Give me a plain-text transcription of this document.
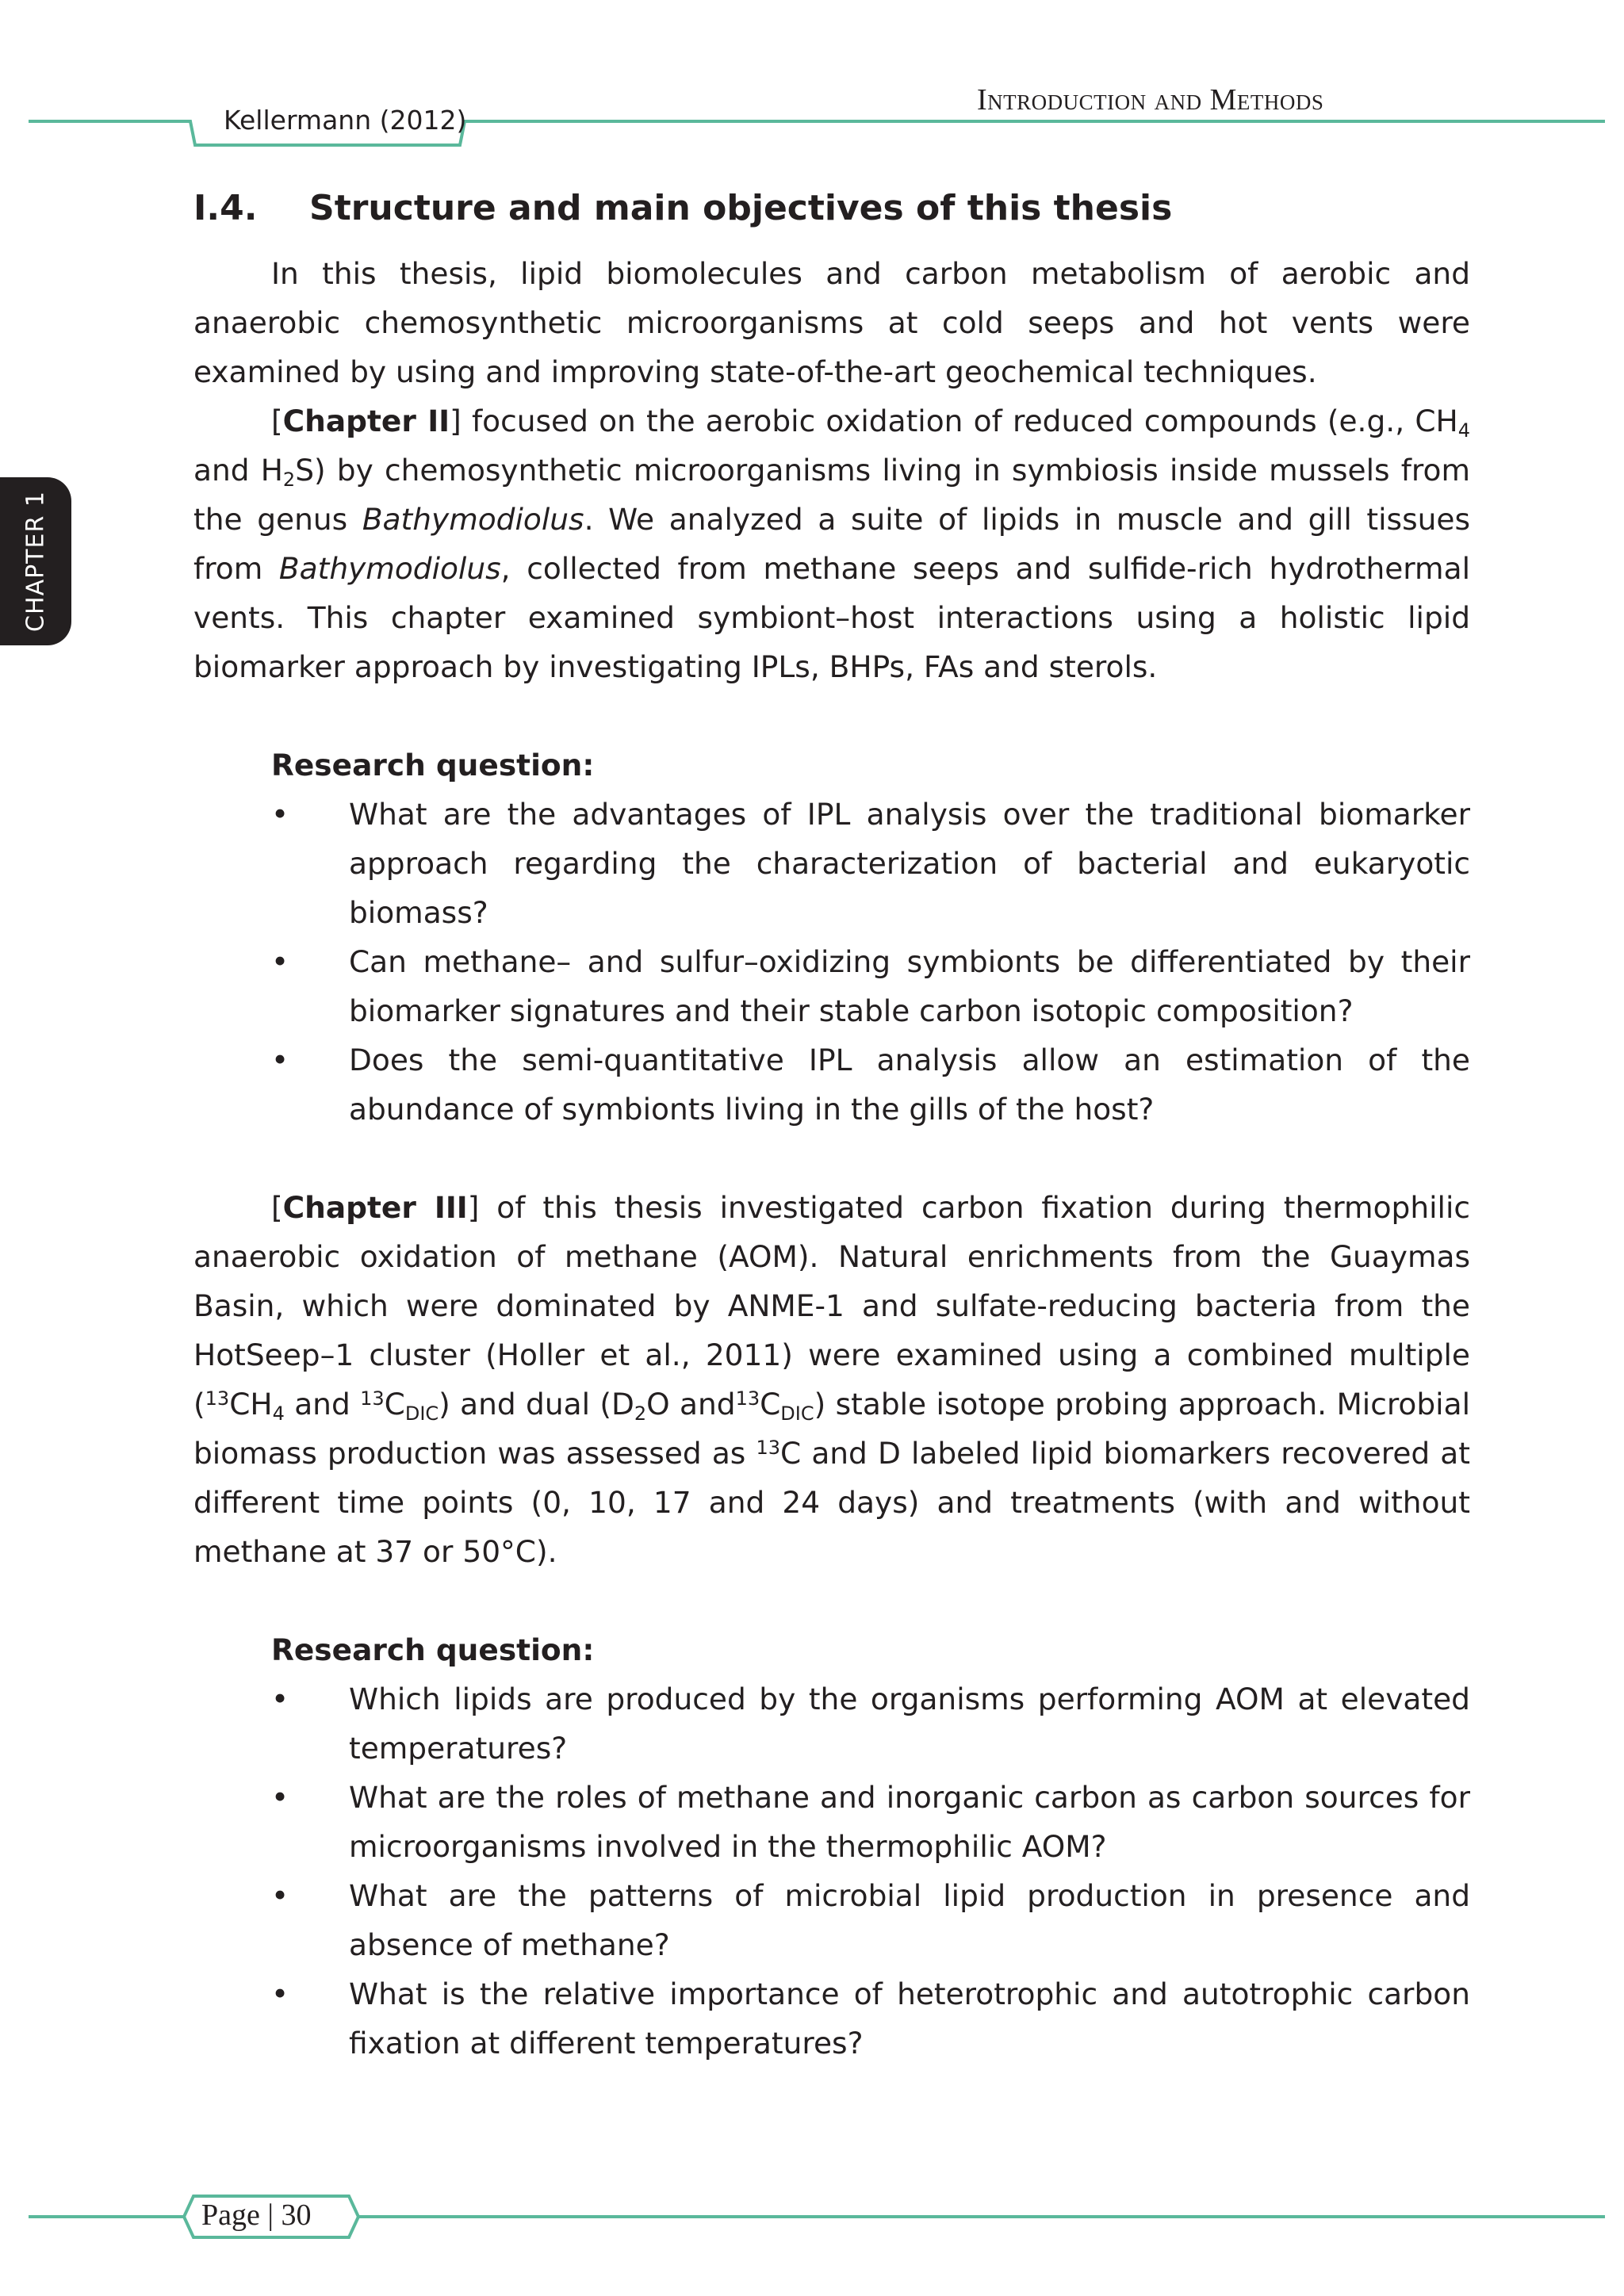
Introduction and Methods
Kellermann (2012)
CHAPTER 1
I.4. Structure and main objectives of this thesis

In this thesis, lipid biomolecules and carbon metabolism of aerobic and anaerobic chemosynthetic microorganisms at cold seeps and hot vents were examined by using and improving state-of-the-art geochemical techniques.

[Chapter II] focused on the aerobic oxidation of reduced compounds (e.g., $CH_4$ and $H_2S$) by chemosynthetic microorganisms living in symbiosis inside mussels from the genus Bathymodiolus. We analyzed a suite of lipids in muscle and gill tissues from Bathymodiolus, collected from methane seeps and sulfide-rich hydrothermal vents. This chapter examined symbiont–host interactions using a holistic lipid biomarker approach by investigating IPLs, BHPs, FAs and sterols.

Research question:
• What are the advantages of IPL analysis over the traditional biomarker approach regarding the characterization of bacterial and eukaryotic biomass?
• Can methane– and sulfur–oxidizing symbionts be differentiated by their biomarker signatures and their stable carbon isotopic composition?
• Does the semi-quantitative IPL analysis allow an estimation of the abundance of symbionts living in the gills of the host?

[Chapter III] of this thesis investigated carbon fixation during thermophilic anaerobic oxidation of methane (AOM). Natural enrichments from the Guaymas Basin, which were dominated by ANME-1 and sulfate-reducing bacteria from the HotSeep–1 cluster (Holler et al., 2011) were examined using a combined multiple ($^{13}CH_4$ and $^{13}C_{DIC}$) and dual ($D_2O$ $and^{13}C_{DIC}$) stable isotope probing approach. Microbial biomass production was assessed as $^{13}$C and D labeled lipid biomarkers recovered at different time points (0, 10, 17 and 24 days) and treatments (with and without methane at 37 or 50°C).

Research question:
• Which lipids are produced by the organisms performing AOM at elevated temperatures?
• What are the roles of methane and inorganic carbon as carbon sources for microorganisms involved in the thermophilic AOM?
• What are the patterns of microbial lipid production in presence and absence of methane?
• What is the relative importance of heterotrophic and autotrophic carbon fixation at different temperatures?
Page | 30
